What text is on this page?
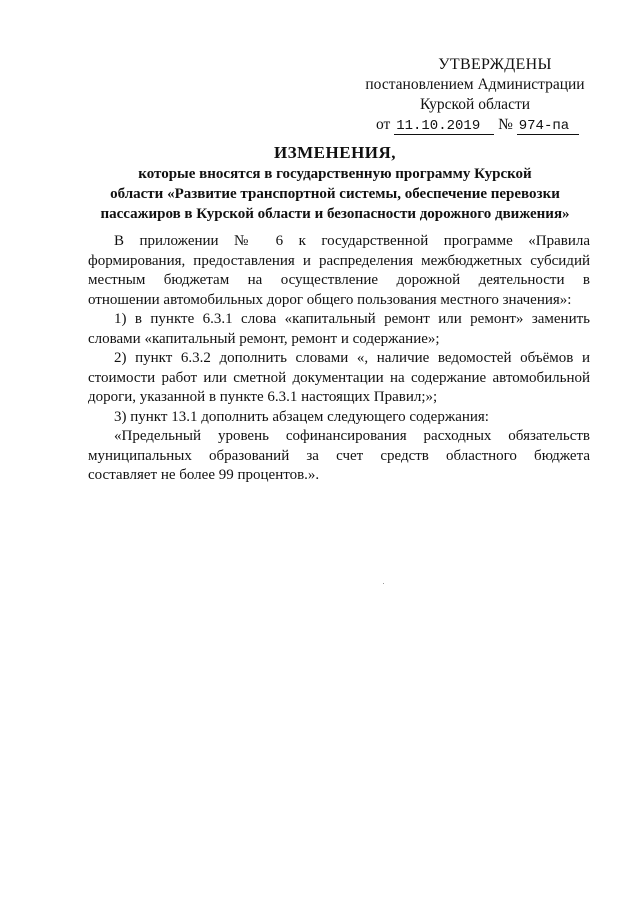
УТВЕРЖДЕНЫ
постановлением Администрации
Курской области
от 11.10.2019 № 974-па
ИЗМЕНЕНИЯ,
которые вносятся в государственную программу Курской
области «Развитие транспортной системы, обеспечение перевозки
пассажиров в Курской области и безопасности дорожного движения»
В приложении № 6 к государственной программе «Правила
формирования, предоставления и распределения межбюджетных субсидий
местным бюджетам на осуществление дорожной деятельности в
отношении автомобильных дорог общего пользования местного значения»:
1) в пункте 6.3.1 слова «капитальный ремонт или ремонт» заменить
словами «капитальный ремонт, ремонт и содержание»;
2) пункт 6.3.2 дополнить словами «, наличие ведомостей объёмов и
стоимости работ или сметной документации на содержание автомобильной
дороги, указанной в пункте 6.3.1 настоящих Правил;»;
3) пункт 13.1 дополнить абзацем следующего содержания:
«Предельный уровень софинансирования расходных обязательств
муниципальных образований за счет средств областного бюджета
составляет не более 99 процентов.».
